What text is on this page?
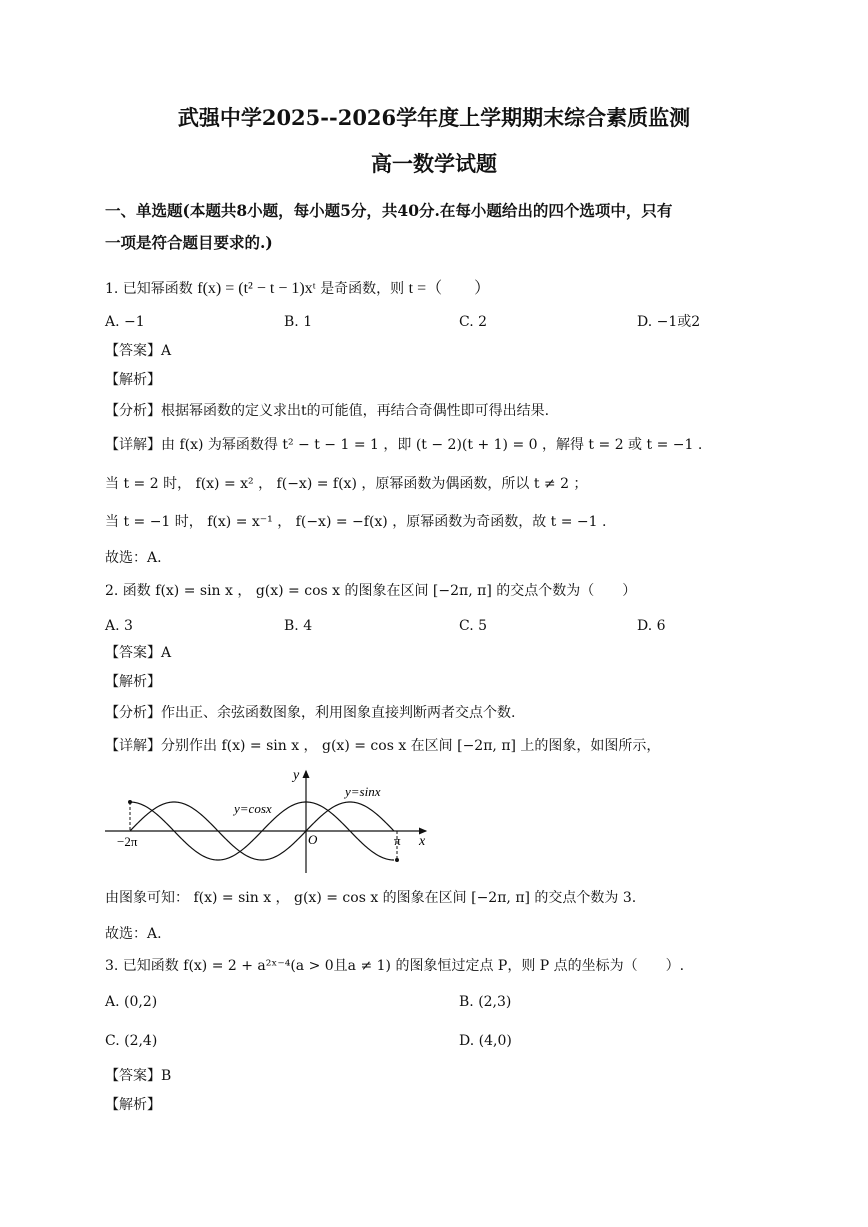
武强中学2025--2026学年度上学期期末综合素质监测
高一数学试题
一、单选题(本题共8小题，每小题5分，共40分.在每小题给出的四个选项中，只有
一项是符合题目要求的.)
1. 已知幂函数 f(x) = (t² − t − 1)xᵗ 是奇函数，则 t =（　　）
A. −1	B. 1	C. 2	D. −1或2
【答案】A
【解析】
【分析】根据幂函数的定义求出t的可能值，再结合奇偶性即可得出结果.
【详解】由 f(x) 为幂函数得 t² − t − 1 = 1 ，即 (t − 2)(t + 1) = 0 ，解得 t = 2 或 t = −1 .
当 t = 2 时， f(x) = x² ， f(−x) = f(x) ，原幂函数为偶函数，所以 t ≠ 2 ；
当 t = −1 时， f(x) = x⁻¹ ， f(−x) = −f(x) ，原幂函数为奇函数，故 t = −1 .
故选：A.
2. 函数 f(x) = sin x ， g(x) = cos x 的图象在区间 [−2π, π] 的交点个数为（　　）
A. 3	B. 4	C. 5	D. 6
【答案】A
【解析】
【分析】作出正、余弦函数图象，利用图象直接判断两者交点个数.
【详解】分别作出 f(x) = sin x ， g(x) = cos x 在区间 [−2π, π] 上的图象，如图所示，
y
x
O
−2π	π
y=cosx
y=sinx
由图象可知： f(x) = sin x ， g(x) = cos x 的图象在区间 [−2π, π] 的交点个数为 3.
故选：A.
3. 已知函数 f(x) = 2 + a²ˣ⁻⁴(a > 0且a ≠ 1) 的图象恒过定点 P，则 P 点的坐标为（　　）.
A. (0,2)	B. (2,3)
C. (2,4)	D. (4,0)
【答案】B
【解析】
